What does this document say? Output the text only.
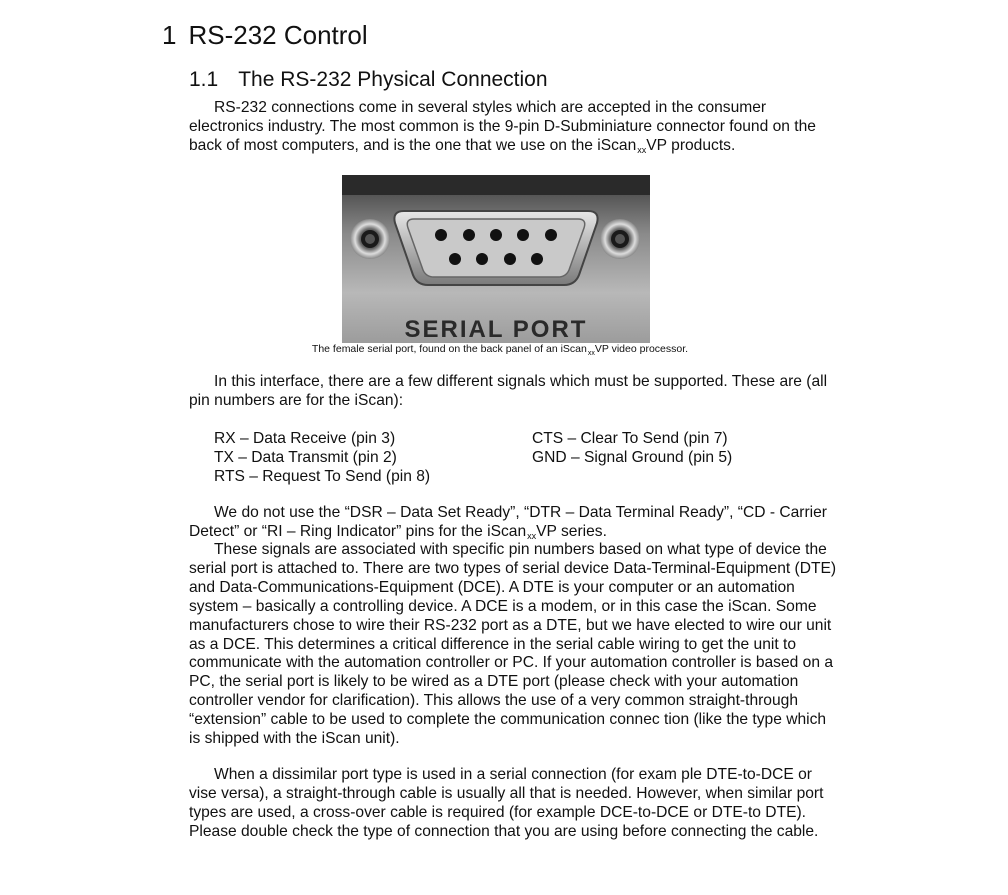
1 RS-232 Control
1.1 The RS-232 Physical Connection
RS-232 connections come in several styles which are accepted in the consumer electronics industry. The most common is the 9-pin D-Subminiature connector found on the back of most computers, and is the one that we use on the iScan$_{xx}$VP products.
SERIAL PORT
The female serial port, found on the back panel of an iScan$_{xx}$VP video processor.
In this interface, there are a few different signals which must be supported. These are (all pin numbers are for the iScan):
RX – Data Receive (pin 3)
TX – Data Transmit (pin 2)
RTS – Request To Send (pin 8)
CTS – Clear To Send (pin 7)
GND – Signal Ground (pin 5)
We do not use the “DSR – Data Set Ready”, “DTR – Data Terminal Ready”, “CD - Carrier Detect” or “RI – Ring Indicator” pins for the iScan$_{xx}$VP series.
These signals are associated with specific pin numbers based on what type of device the serial port is attached to. There are two types of serial device Data-Terminal-Equipment (DTE) and Data-Communications-Equipment (DCE). A DTE is your computer or an automation system – basically a controlling device. A DCE is a modem, or in this case the iScan. Some manufacturers chose to wire their RS-232 port as a DTE, but we have elected to wire our unit as a DCE. This determines a critical difference in the serial cable wiring to get the unit to communicate with the automation controller or PC. If your automation controller is based on a PC, the serial port is likely to be wired as a DTE port (please check with your automation controller vendor for clarification). This allows the use of a very common straight-through “extension” cable to be used to complete the communication connec tion (like the type which is shipped with the iScan unit).
When a dissimilar port type is used in a serial connection (for exam ple DTE-to-DCE or vise versa), a straight-through cable is usually all that is needed. However, when similar port types are used, a cross-over cable is required (for example DCE-to-DCE or DTE-to DTE). Please double check the type of connection that you are using before connecting the cable.
